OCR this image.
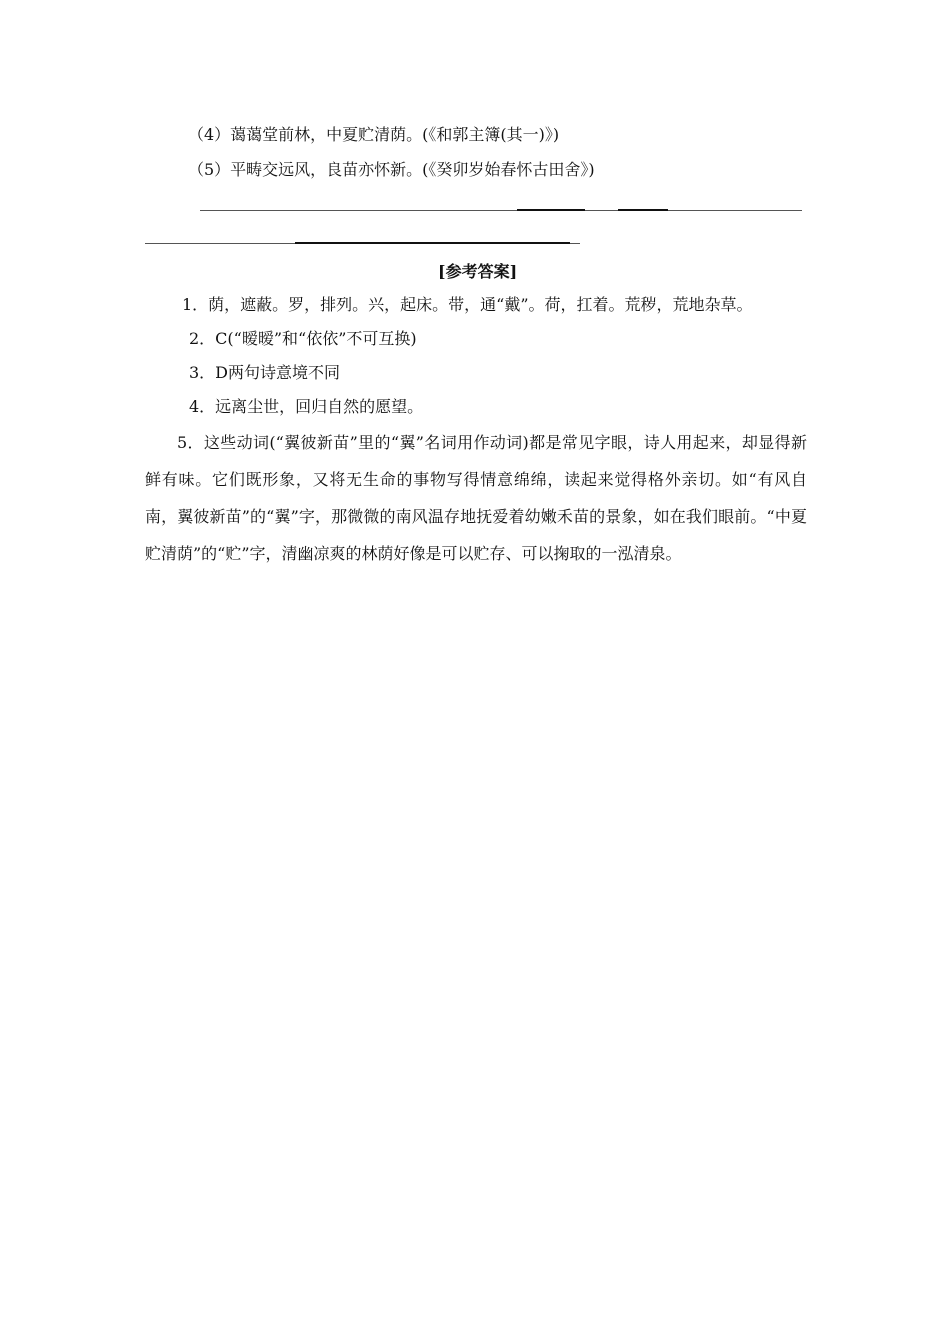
（4）蔼蔼堂前林，中夏贮清荫。(《和郭主簿(其一)》)
（5）平畴交远风，良苗亦怀新。(《癸卯岁始春怀古田舍》)
[参考答案]
1．荫，遮蔽。罗，排列。兴，起床。带，通“戴”。荷，扛着。荒秽，荒地杂草。
2．C(“暧暧”和“依依”不可互换)
3．D两句诗意境不同
4．远离尘世，回归自然的愿望。
5．这些动词(“翼彼新苗”里的“翼”名词用作动词)都是常见字眼，诗人用起来，却显得新鲜有味。它们既形象，又将无生命的事物写得情意绵绵，读起来觉得格外亲切。如“有风自南，翼彼新苗”的“翼”字，那微微的南风温存地抚爱着幼嫩禾苗的景象，如在我们眼前。“中夏贮清荫”的“贮”字，清幽凉爽的林荫好像是可以贮存、可以掬取的一泓清泉。
